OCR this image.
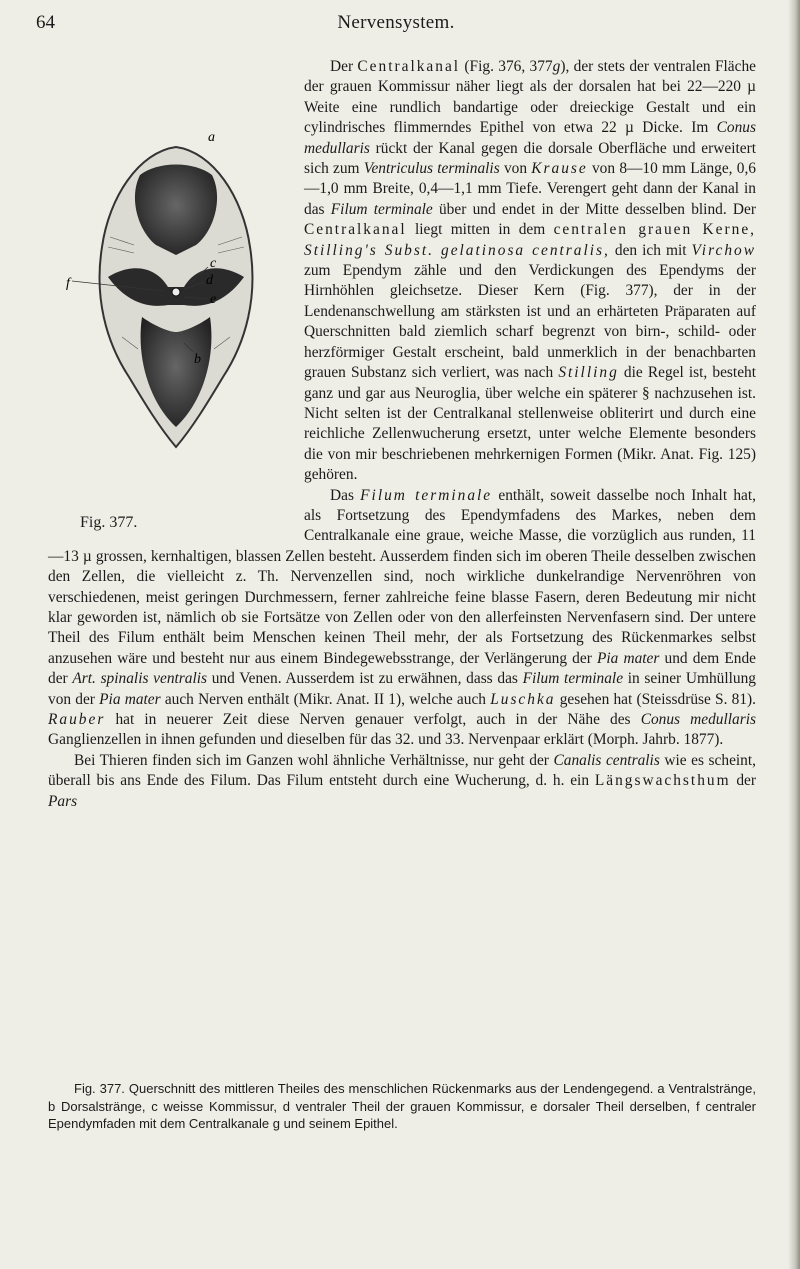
64	Nervensystem.
a
c
d
e
f
b
Fig. 377.

Der Centralkanal (Fig. 376, 377g), der stets der ventralen Fläche der grauen Kommissur näher liegt als der dorsalen hat bei 22—220 µ Weite eine rundlich bandartige oder dreieckige Gestalt und ein cylindrisches flimmerndes Epithel von etwa 22 µ Dicke. Im Conus medullaris rückt der Kanal gegen die dorsale Oberfläche und erweitert sich zum Ventriculus terminalis von Krause von 8—10 mm Länge, 0,6—1,0 mm Breite, 0,4—1,1 mm Tiefe. Verengert geht dann der Kanal in das Filum terminale über und endet in der Mitte desselben blind. Der Centralkanal liegt mitten in dem centralen grauen Kerne, Stilling's Subst. gelatinosa centralis, den ich mit Virchow zum Ependym zähle und den Verdickungen des Ependyms der Hirnhöhlen gleichsetze. Dieser Kern (Fig. 377), der in der Lendenanschwellung am stärksten ist und an erhärteten Präparaten auf Querschnitten bald ziemlich scharf begrenzt von birn-, schild- oder herzförmiger Gestalt erscheint, bald unmerklich in der benachbarten grauen Substanz sich verliert, was nach Stilling die Regel ist, besteht ganz und gar aus Neuroglia, über welche ein späterer § nachzusehen ist. Nicht selten ist der Centralkanal stellenweise obliterirt und durch eine reichliche Zellenwucherung ersetzt, unter welche Elemente besonders die von mir beschriebenen mehrkernigen Formen (Mikr. Anat. Fig. 125) gehören.

Das Filum terminale enthält, soweit dasselbe noch Inhalt hat, als Fortsetzung des Ependymfadens des Markes, neben dem Centralkanale eine graue, weiche Masse, die vorzüglich aus runden, 11—13 µ grossen, kernhaltigen, blassen Zellen besteht. Ausserdem finden sich im oberen Theile desselben zwischen den Zellen, die vielleicht z. Th. Nervenzellen sind, noch wirkliche dunkelrandige Nervenröhren von verschiedenen, meist geringen Durchmessern, ferner zahlreiche feine blasse Fasern, deren Bedeutung mir nicht klar geworden ist, nämlich ob sie Fortsätze von Zellen oder von den allerfeinsten Nervenfasern sind. Der untere Theil des Filum enthält beim Menschen keinen Theil mehr, der als Fortsetzung des Rückenmarkes selbst anzusehen wäre und besteht nur aus einem Bindegewebsstrange, der Verlängerung der Pia mater und dem Ende der Art. spinalis ventralis und Venen. Ausserdem ist zu erwähnen, dass das Filum terminale in seiner Umhüllung von der Pia mater auch Nerven enthält (Mikr. Anat. II 1), welche auch Luschka gesehen hat (Steissdrüse S. 81). Rauber hat in neuerer Zeit diese Nerven genauer verfolgt, auch in der Nähe des Conus medullaris Ganglienzellen in ihnen gefunden und dieselben für das 32. und 33. Nervenpaar erklärt (Morph. Jahrb. 1877).

Bei Thieren finden sich im Ganzen wohl ähnliche Verhältnisse, nur geht der Canalis centralis wie es scheint, überall bis ans Ende des Filum. Das Filum entsteht durch eine Wucherung, d. h. ein Längswachsthum der Pars

Fig. 377. Querschnitt des mittleren Theiles des menschlichen Rückenmarks aus der Lendengegend. a Ventralstränge, b Dorsalstränge, c weisse Kommissur, d ventraler Theil der grauen Kommissur, e dorsaler Theil derselben, f centraler Ependymfaden mit dem Centralkanale g und seinem Epithel.
